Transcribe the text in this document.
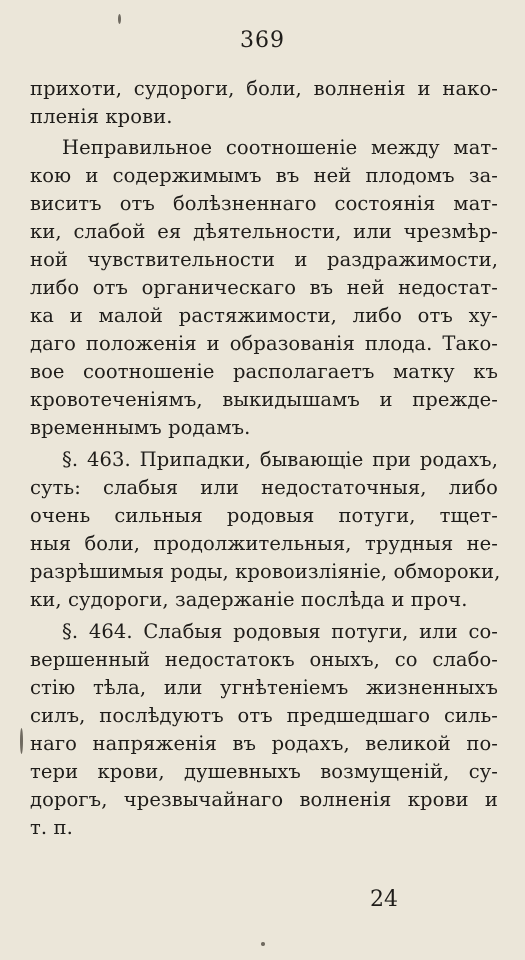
369
прихоти, судороги, боли, волненія и нако-
пленія крови.
Неправильное соотношеніе между мат-
кою и содержимымъ въ ней плодомъ за-
виситъ отъ болѣзненнаго состоянія мат-
ки, слабой ея дѣятельности, или чрезмѣр-
ной чувствительности и раздражимости,
либо отъ органическаго въ ней недостат-
ка и малой растяжимости, либо отъ ху-
даго положенія и образованія плода. Тако-
вое соотношеніе располагаетъ матку къ
кровотеченіямъ, выкидышамъ и прежде-
временнымъ родамъ.
§. 463. Припадки, бывающіе при родахъ,
суть: слабыя или недостаточныя, либо
очень сильныя родовыя потуги, тщет-
ныя боли, продолжительныя, трудныя не-
разрѣшимыя роды, кровоизліяніе, обмороки,
ки, судороги, задержаніе послѣда и проч.
§. 464. Слабыя родовыя потуги, или со-
вершенный недостатокъ оныхъ, со слабо-
стію тѣла, или угнѣтеніемъ жизненныхъ
силъ, послѣдуютъ отъ предшедшаго силь-
наго напряженія въ родахъ, великой по-
тери крови, душевныхъ возмущеній, су-
дорогъ, чрезвычайнаго волненія крови и
т. п.
24
